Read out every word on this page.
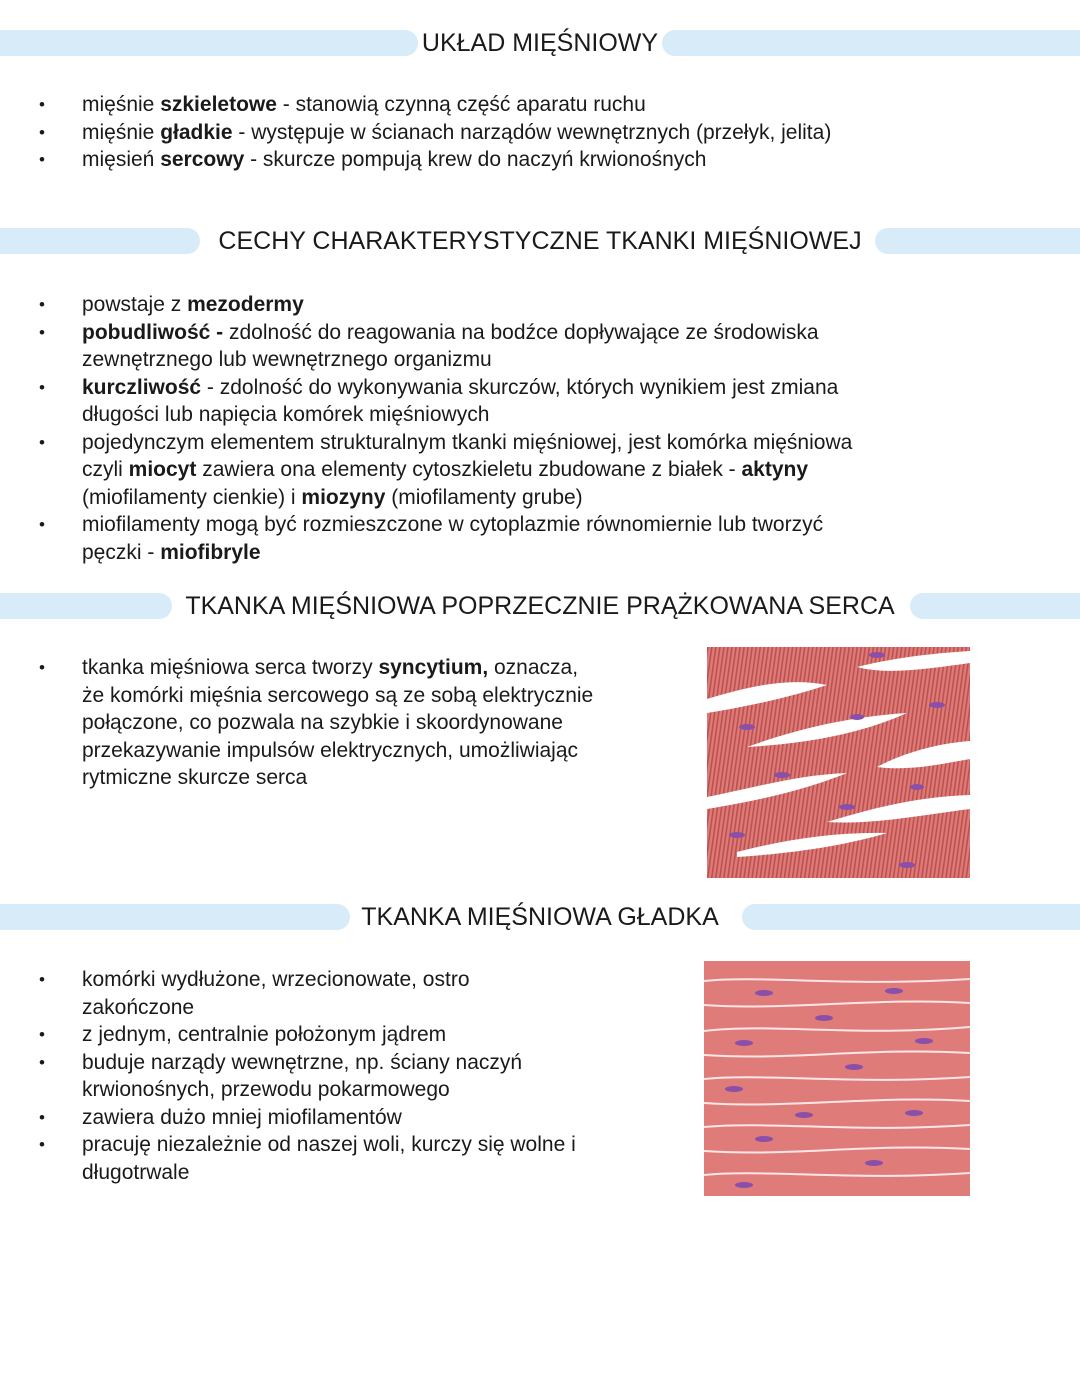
UKŁAD MIĘŚNIOWY
• mięśnie szkieletowe - stanowią czynną część aparatu ruchu
• mięśnie gładkie - występuje w ścianach narządów wewnętrznych (przełyk, jelita)
• mięsień sercowy - skurcze pompują krew do naczyń krwionośnych
CECHY CHARAKTERYSTYCZNE TKANKI MIĘŚNIOWEJ
• powstaje z mezodermy
• pobudliwość - zdolność do reagowania na bodźce dopływające ze środowiska zewnętrznego lub wewnętrznego organizmu
• kurczliwość - zdolność do wykonywania skurczów, których wynikiem jest zmiana długości lub napięcia komórek mięśniowych
• pojedynczym elementem strukturalnym tkanki mięśniowej, jest komórka mięśniowa czyli miocyt zawiera ona elementy cytoszkieletu zbudowane z białek - aktyny (miofilamenty cienkie) i miozyny (miofilamenty grube)
• miofilamenty mogą być rozmieszczone w cytoplazmie równomiernie lub tworzyć pęczki - miofibryle
TKANKA MIĘŚNIOWA POPRZECZNIE PRĄŻKOWANA SERCA
• tkanka mięśniowa serca tworzy syncytium, oznacza, że komórki mięśnia sercowego są ze sobą elektrycznie połączone, co pozwala na szybkie i skoordynowane przekazywanie impulsów elektrycznych, umożliwiając rytmiczne skurcze serca
TKANKA MIĘŚNIOWA GŁADKA
• komórki wydłużone, wrzecionowate, ostro zakończone
• z jednym, centralnie położonym jądrem
• buduje narządy wewnętrzne, np. ściany naczyń krwionośnych, przewodu pokarmowego
• zawiera dużo mniej miofilamentów
• pracuję niezależnie od naszej woli, kurczy się wolne i długotrwale
